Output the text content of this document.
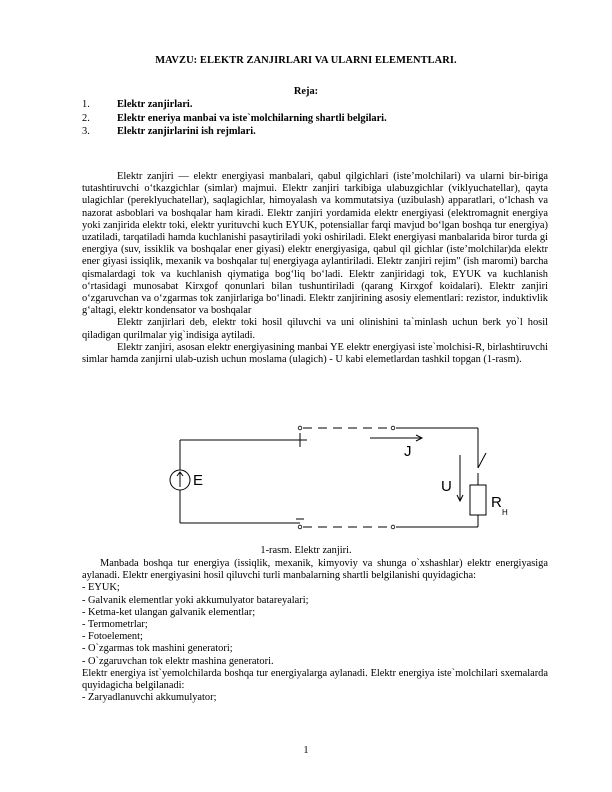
MAVZU: ELEKTR ZANJIRLARI VA ULARNI ELEMENTLARI.
Reja:
1.	Elektr zanjirlari.
2.	Elektr eneriya manbai va iste`molchilarning shartli belgilari.
3.	Elektr zanjirlarini ish rejmlari.

Elektr zanjiri — elektr energiyasi manbalari, qabul qilgichlari (iste’molchilari) va ularni bir-biriga tutashtiruvchi o‘tkazgichlar (simlar) majmui. Elektr zanjiri tarkibiga ulabuzgichlar (viklyuchatellar), qayta ulagichlar (pereklyuchatellar), saqlagichlar, himoyalash va kommutatsiya (uzibulash) apparatlari, o‘lchash va nazorat asboblari va boshqalar ham kiradi. Elektr zanjiri yordamida elektr energiyasi (elektromagnit energiya yoki zanjirida elektr toki, elektr yurituvchi kuch EYUK, potensiallar farqi mavjud bo‘lgan boshqa tur energiya) uzatiladi, tarqatiladi hamda kuchlanishi pasaytiriladi yoki oshiriladi. Elekt energiyasi manbalarida biror turda gi energiya (suv, issiklik va boshqalar ener giyasi) elektr energiyasiga, qabul qil gichlar (iste’molchilar)da elektr ener giyasi issiqlik, mexanik va boshqalar tu| energiyaga aylantiriladi. Elektr zanjiri rejim" (ish maromi) barcha qismalardagi tok va kuchlanish qiymatiga bog‘liq bo‘ladi. Elektr zanjiridagi tok, EYUK va kuchlanish o‘rtasidagi munosabat Kirxgof qonunlari bilan tushuntiriladi (qarang Kirxgof koidalari). Elektr zanjiri o‘zgaruvchan va o‘zgarmas tok zanjirlariga bo‘linadi. Elektr zanjirining asosiy elementlari: rezistor, induktivlik g‘altagi, elektr kondensator va boshqalar

Elektr zanjirlari deb, elektr toki hosil qiluvchi va uni olinishini ta`minlash uchun berk yo`l hosil qiladigan qurilmalar yig`indisiga aytiladi.

Elektr zanjiri, asosan elektr energiyasining manbai YE elektr energiyasi iste`molchisi-R, birlashtiruvchi simlar hamda zanjirni ulab-uzish uchun moslama (ulagich) - U kabi elemetlardan tashkil topgan (1-rasm).

E
J
R
H
U
1-rasm. Elektr zanjiri.

Manbada boshqa tur energiya (issiqlik, mexanik, kimyoviy va shunga o`xshashlar) elektr energiyasiga aylanadi. Elektr energiyasini hosil qiluvchi turli manbalarning shartli belgilanishi quyidagicha:

- EYUK;

- Galvanik elementlar yoki akkumulyator batareyalari;

- Ketma-ket ulangan galvanik elementlar;

- Termometrlar;

- Fotoelement;

- O`zgarmas tok mashini generatori;

- O`zgaruvchan tok elektr mashina generatori.

Elektr energiya ist`yemolchilarda boshqa tur energiyalarga aylanadi. Elektr energiya iste`molchilari sxemalarda quyidagicha belgilanadi:

- Zaryadlanuvchi akkumulyator;

1
